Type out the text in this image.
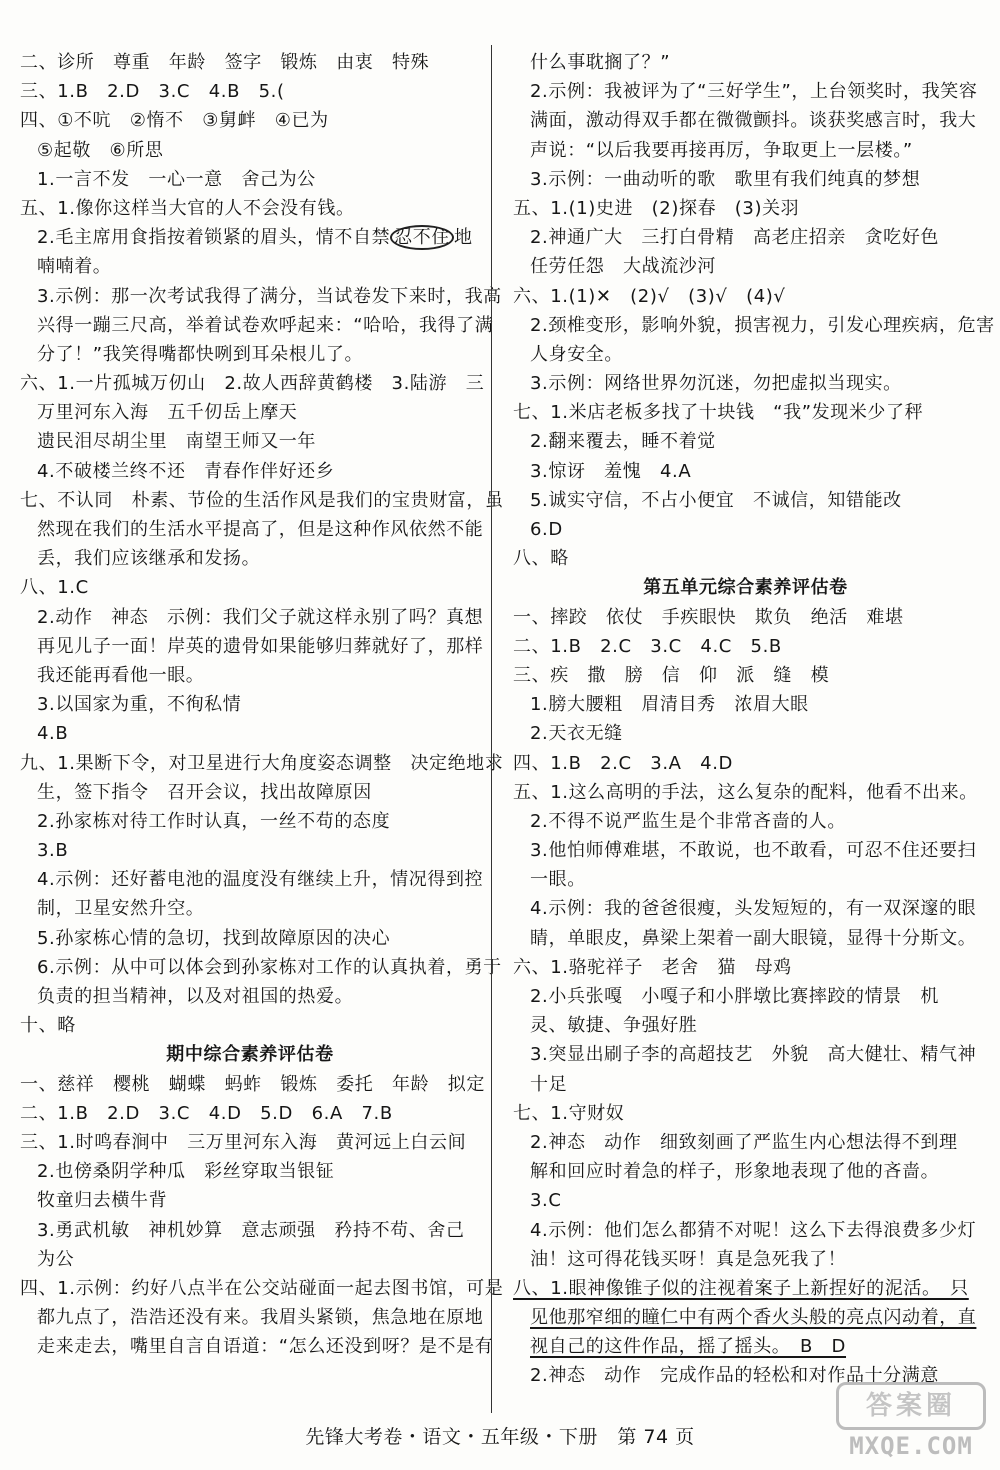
二、诊所　尊重　年龄　签字　锻炼　由衷　特殊
三、1.B　2.D　3.C　4.B　5.(
四、①不吭　②惰不　③舅衅　④已为
⑤起敬　⑥所思
1.一言不发　一心一意　舍己为公
五、1.像你这样当大官的人不会没有钱。
2.毛主席用食指按着锁紧的眉头，情不自禁 忍不住 地
喃喃着。
3.示例：那一次考试我得了满分，当试卷发下来时，我高
兴得一蹦三尺高，举着试卷欢呼起来：“哈哈，我得了满
分了！”我笑得嘴都快咧到耳朵根儿了。
六、1.一片孤城万仞山　2.故人西辞黄鹤楼　3.陆游　三
万里河东入海　五千仞岳上摩天
遗民泪尽胡尘里　南望王师又一年
4.不破楼兰终不还　青春作伴好还乡
七、不认同　朴素、节俭的生活作风是我们的宝贵财富，虽
然现在我们的生活水平提高了，但是这种作风依然不能
丢，我们应该继承和发扬。
八、1.C
2.动作　神态　示例：我们父子就这样永别了吗？真想
再见儿子一面！岸英的遗骨如果能够归葬就好了，那样
我还能再看他一眼。
3.以国家为重，不徇私情
4.B
九、1.果断下令，对卫星进行大角度姿态调整　决定绝地求
生，签下指令　召开会议，找出故障原因
2.孙家栋对待工作时认真，一丝不苟的态度
3.B
4.示例：还好蓄电池的温度没有继续上升，情况得到控
制，卫星安然升空。
5.孙家栋心情的急切，找到故障原因的决心
6.示例：从中可以体会到孙家栋对工作的认真执着，勇于
负责的担当精神，以及对祖国的热爱。
十、略
期中综合素养评估卷
一、慈祥　樱桃　蝴蝶　蚂蚱　锻炼　委托　年龄　拟定
二、1.B　2.D　3.C　4.D　5.D　6.A　7.B
三、1.时鸣春涧中　三万里河东入海　黄河远上白云间
2.也傍桑阴学种瓜　彩丝穿取当银钲
牧童归去横牛背
3.勇武机敏　神机妙算　意志顽强　矜持不苟、舍己
为公
四、1.示例：约好八点半在公交站碰面一起去图书馆，可是
都九点了，浩浩还没有来。我眉头紧锁，焦急地在原地
走来走去，嘴里自言自语道：“怎么还没到呀？是不是有
什么事耽搁了？”
2.示例：我被评为了“三好学生”，上台领奖时，我笑容
满面，激动得双手都在微微颤抖。谈获奖感言时，我大
声说：“以后我要再接再厉，争取更上一层楼。”
3.示例：一曲动听的歌　歌里有我们纯真的梦想
五、1.(1)史进　(2)探春　(3)关羽
2.神通广大　三打白骨精　高老庄招亲　贪吃好色
任劳任怨　大战流沙河
六、1.(1)✕　(2)√　(3)√　(4)√
2.颈椎变形，影响外貌，损害视力，引发心理疾病，危害
人身安全。
3.示例：网络世界勿沉迷，勿把虚拟当现实。
七、1.米店老板多找了十块钱　“我”发现米少了秤
2.翻来覆去，睡不着觉
3.惊讶　羞愧　4.A
5.诚实守信，不占小便宜　不诚信，知错能改
6.D
八、略
第五单元综合素养评估卷
一、摔跤　依仗　手疾眼快　欺负　绝活　难堪
二、1.B　2.C　3.C　4.C　5.B
三、疾　撒　膀　信　仰　派　缝　模
1.膀大腰粗　眉清目秀　浓眉大眼
2.天衣无缝
四、1.B　2.C　3.A　4.D
五、1.这么高明的手法，这么复杂的配料，他看不出来。
2.不得不说严监生是个非常吝啬的人。
3.他怕师傅难堪，不敢说，也不敢看，可忍不住还要扫
一眼。
4.示例：我的爸爸很瘦，头发短短的，有一双深邃的眼
睛，单眼皮，鼻梁上架着一副大眼镜，显得十分斯文。
六、1.骆驼祥子　老舍　猫　母鸡
2.小兵张嘎　小嘎子和小胖墩比赛摔跤的情景　机
灵、敏捷、争强好胜
3.突显出刷子李的高超技艺　外貌　高大健壮、精气神
十足
七、1.守财奴
2.神态　动作　细致刻画了严监生内心想法得不到理
解和回应时着急的样子，形象地表现了他的吝啬。
3.C
4.示例：他们怎么都猜不对呢！这么下去得浪费多少灯
油！这可得花钱买呀！真是急死我了！
八、1.眼神像锥子似的注视着案子上新捏好的泥活。　只
见他那窄细的瞳仁中有两个香火头般的亮点闪动着，直
视自己的这件作品，摇了摇头。　B　D
2.神态　动作　完成作品的轻松和对作品十分满意
先锋大考卷・语文・五年级・下册　第 74 页
答案圈
MXQE.COM
